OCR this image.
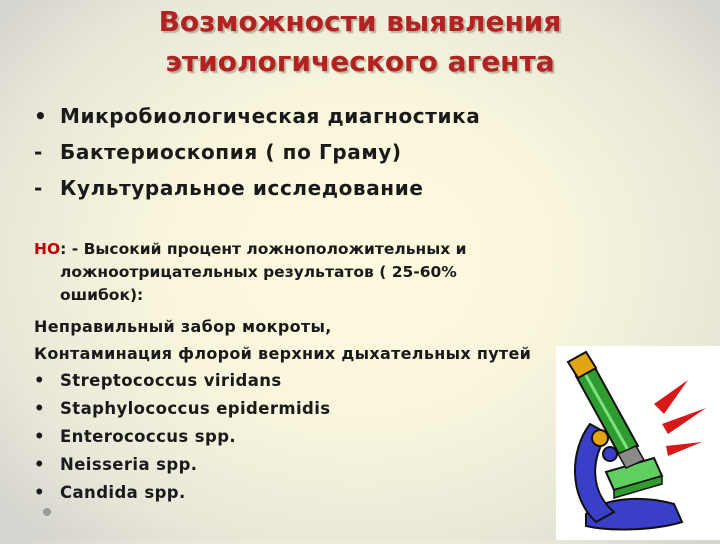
Возможности выявления
этиологического агента
• Микробиологическая диагностика
- Бактериоскопия ( по Граму)
- Культуральное исследование
НО: - Высокий процент ложноположительных и
ложноотрицательных результатов ( 25-60%
ошибок):
Неправильный забор мокроты,
Контаминация флорой верхних дыхательных путей
• Streptococcus viridans
• Staphylococcus epidermidis
• Enterococcus spp.
• Neisseria spp.
• Candida spp.
